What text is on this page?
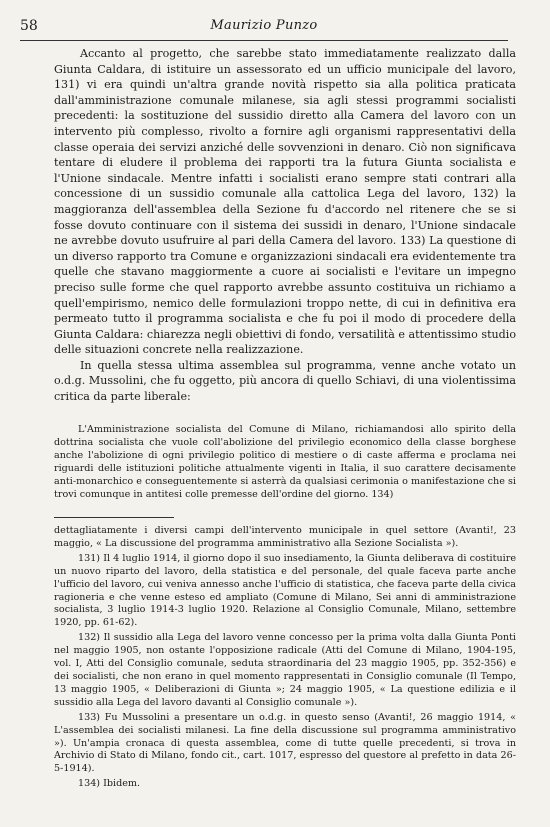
58	Maurizio Punzo

Accanto al progetto, che sarebbe stato immediatamente realizzato dalla Giunta Caldara, di istituire un assessorato ed un ufficio municipale del lavoro, 131) vi era quindi un'altra grande novità rispetto sia alla politica praticata dall'amministrazione comunale milanese, sia agli stessi programmi socialisti precedenti: la sostituzione del sussidio diretto alla Camera del lavoro con un intervento più complesso, rivolto a fornire agli organismi rappresentativi della classe operaia dei servizi anziché delle sovvenzioni in denaro. Ciò non significava tentare di eludere il problema dei rapporti tra la futura Giunta socialista e l'Unione sindacale. Mentre infatti i socialisti erano sempre stati contrari alla concessione di un sussidio comunale alla cattolica Lega del lavoro, 132) la maggioranza dell'assemblea della Sezione fu d'accordo nel ritenere che se si fosse dovuto continuare con il sistema dei sussidi in denaro, l'Unione sindacale ne avrebbe dovuto usufruire al pari della Camera del lavoro. 133) La questione di un diverso rapporto tra Comune e organizzazioni sindacali era evidentemente tra quelle che stavano maggiormente a cuore ai socialisti e l'evitare un impegno preciso sulle forme che quel rapporto avrebbe assunto costituiva un richiamo a quell'empirismo, nemico delle formulazioni troppo nette, di cui in definitiva era permeato tutto il programma socialista e che fu poi il modo di procedere della Giunta Caldara: chiarezza negli obiettivi di fondo, versatilità e attentissimo studio delle situazioni concrete nella realizzazione.

In quella stessa ultima assemblea sul programma, venne anche votato un o.d.g. Mussolini, che fu oggetto, più ancora di quello Schiavi, di una violentissima critica da parte liberale:

L'Amministrazione socialista del Comune di Milano, richiamandosi allo spirito della dottrina socialista che vuole coll'abolizione del privilegio economico della classe borghese anche l'abolizione di ogni privilegio politico di mestiere o di caste afferma e proclama nei riguardi delle istituzioni politiche attualmente vigenti in Italia, il suo carattere decisamente anti-monarchico e conseguentemente si asterrà da qualsiasi cerimonia o manifestazione che si trovi comunque in antitesi colle premesse dell'ordine del giorno. 134)

dettagliatamente i diversi campi dell'intervento municipale in quel settore (Avanti!, 23 maggio, « La discussione del programma amministrativo alla Sezione Socialista »).

131) Il 4 luglio 1914, il giorno dopo il suo insediamento, la Giunta deliberava di costituire un nuovo riparto del lavoro, della statistica e del personale, del quale faceva parte anche l'ufficio del lavoro, cui veniva annesso anche l'ufficio di statistica, che faceva parte della civica ragioneria e che venne esteso ed ampliato (Comune di Milano, Sei anni di amministrazione socialista, 3 luglio 1914-3 luglio 1920. Relazione al Consiglio Comunale, Milano, settembre 1920, pp. 61-62).

132) Il sussidio alla Lega del lavoro venne concesso per la prima volta dalla Giunta Ponti nel maggio 1905, non ostante l'opposizione radicale (Atti del Comune di Milano, 1904-195, vol. I, Atti del Consiglio comunale, seduta straordinaria del 23 maggio 1905, pp. 352-356) e dei socialisti, che non erano in quel momento rappresentati in Consiglio comunale (Il Tempo, 13 maggio 1905, « Deliberazioni di Giunta »; 24 maggio 1905, « La questione edilizia e il sussidio alla Lega del lavoro davanti al Consiglio comunale »).

133) Fu Mussolini a presentare un o.d.g. in questo senso (Avanti!, 26 maggio 1914, « L'assemblea dei socialisti milanesi. La fine della discussione sul programma amministrativo »). Un'ampia cronaca di questa assemblea, come di tutte quelle precedenti, si trova in Archivio di Stato di Milano, fondo cit., cart. 1017, espresso del questore al prefetto in data 26-5-1914).

134) Ibidem.
